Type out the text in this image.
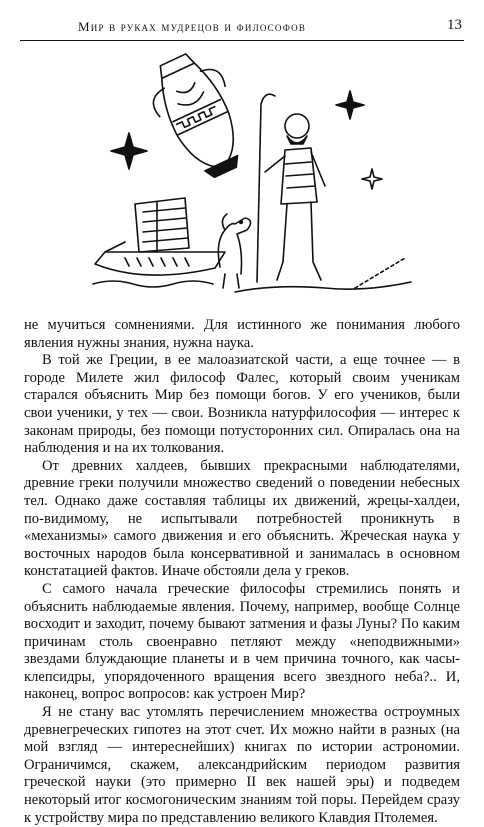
Мир в руках мудрецов и философов	13

не мучиться сомнениями. Для истинного же понимания любого явления нужны знания, нужна наука.

В той же Греции, в ее малоазиатской части, а еще точнее — в городе Милете жил философ Фалес, который своим ученикам старался объяснить Мир без помощи богов. У его учеников, были свои ученики, у тех — свои. Возникла натурфилософия — интерес к законам природы, без помощи потусторонних сил. Опиралась она на наблюдения и на их толкования.

От древних халдеев, бывших прекрасными наблюдателями, древние греки получили множество сведений о поведении небесных тел. Однако даже составляя таблицы их движений, жрецы-халдеи, по-видимому, не испытывали потребностей проникнуть в «механизмы» самого движения и его объяснить. Жреческая наука у восточных народов была консервативной и занималась в основном констатацией фактов. Иначе обстояли дела у греков.

С самого начала греческие философы стремились понять и объяснить наблюдаемые явления. Почему, например, вообще Солнце восходит и заходит, почему бывают затмения и фазы Луны? По каким причинам столь своенравно петляют между «неподвижными» звездами блуждающие планеты и в чем причина точного, как часы-клепсидры, упорядоченного вращения всего звездного неба?.. И, наконец, вопрос вопросов: как устроен Мир?

Я не стану вас утомлять перечислением множества остроумных древнегреческих гипотез на этот счет. Их можно найти в разных (на мой взгляд — интереснейших) книгах по истории астрономии. Ограничимся, скажем, александрийским периодом развития греческой науки (это примерно II век нашей эры) и подведем некоторый итог космогоническим знаниям той поры. Перейдем сразу к устройству мира по представлению великого Клавдия Птолемея.
